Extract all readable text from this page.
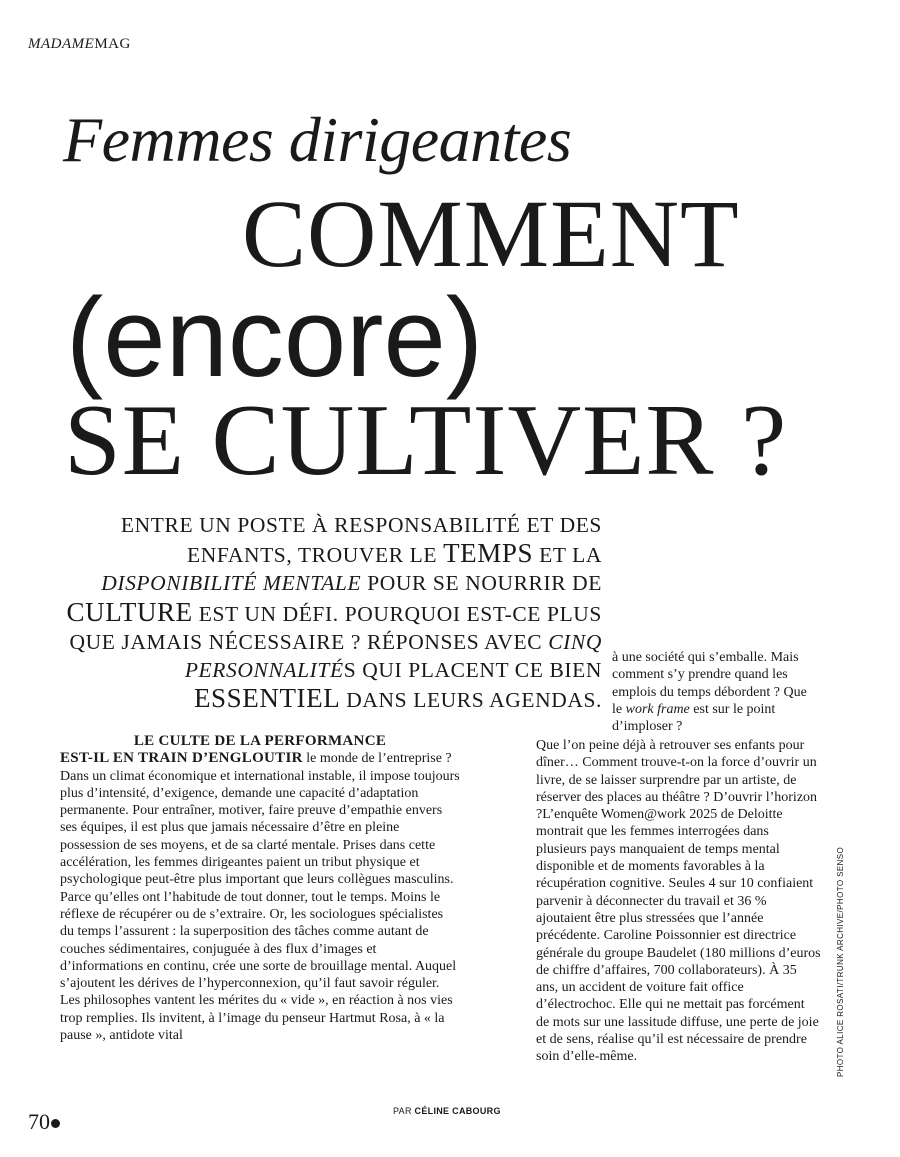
MADAMEMAG
Femmes dirigeantes
COMMENT
(encore)
SE CULTIVER ?
ENTRE UN POSTE À RESPONSABILITÉ ET DES ENFANTS, TROUVER LE TEMPS ET LA DISPONIBILITÉ MENTALE POUR SE NOURRIR DE CULTURE EST UN DÉFI. POURQUOI EST-CE PLUS QUE JAMAIS NÉCESSAIRE ? RÉPONSES AVEC CINQ PERSONNALITÉS QUI PLACENT CE BIEN ESSENTIEL DANS LEURS AGENDAS.
LE CULTE DE LA PERFORMANCE

EST-IL EN TRAIN D’ENGLOUTIR le monde de l’entreprise ? Dans un climat économique et international instable, il impose toujours plus d’intensité, d’exigence, demande une capacité d’adaptation permanente. Pour entraîner, motiver, faire preuve d’empathie envers ses équipes, il est plus que jamais nécessaire d’être en pleine possession de ses moyens, et de sa clarté mentale. Prises dans cette accélération, les femmes dirigeantes paient un tribut physique et psychologique peut-être plus important que leurs collègues masculins. Parce qu’elles ont l’habitude de tout donner, tout le temps. Moins le réflexe de récupérer ou de s’extraire. Or, les sociologues spécialistes du temps l’assurent : la superposition des tâches comme autant de couches sédimentaires, conjuguée à des flux d’images et d’informations en continu, crée une sorte de brouillage mental. Auquel s’ajoutent les dérives de l’hyperconnexion, qu’il faut savoir réguler. Les philosophes vantent les mérites du « vide », en réaction à nos vies trop remplies. Ils invitent, à l’image du penseur Hartmut Rosa, à « la pause », antidote vital

à une société qui s’emballe. Mais comment s’y prendre quand les emplois du temps débordent ? Que le work frame est sur le point d’imploser ?

Que l’on peine déjà à retrouver ses enfants pour dîner… Comment trouve-t-on la force d’ouvrir un livre, de se laisser surprendre par un artiste, de réserver des places au théâtre ? D’ouvrir l’horizon ?L’enquête Women@work 2025 de Deloitte montrait que les femmes interrogées dans plusieurs pays manquaient de temps mental disponible et de moments favorables à la récupération cognitive. Seules 4 sur 10 confiaient parvenir à déconnecter du travail et 36 % ajoutaient être plus stressées que l’année précédente. Caroline Poissonnier est directrice générale du groupe Baudelet (180 millions d’euros de chiffre d’affaires, 700 collaborateurs). À 35 ans, un accident de voiture fait office d’électrochoc. Elle qui ne mettait pas forcément de mots sur une lassitude diffuse, une perte de joie et de sens, réalise qu’il est nécessaire de prendre soin d’elle-même.	PHOTO ALICE ROSATI/TRUNK ARCHIVE/PHOTO SENSO
70	PAR CÉLINE CABOURG
